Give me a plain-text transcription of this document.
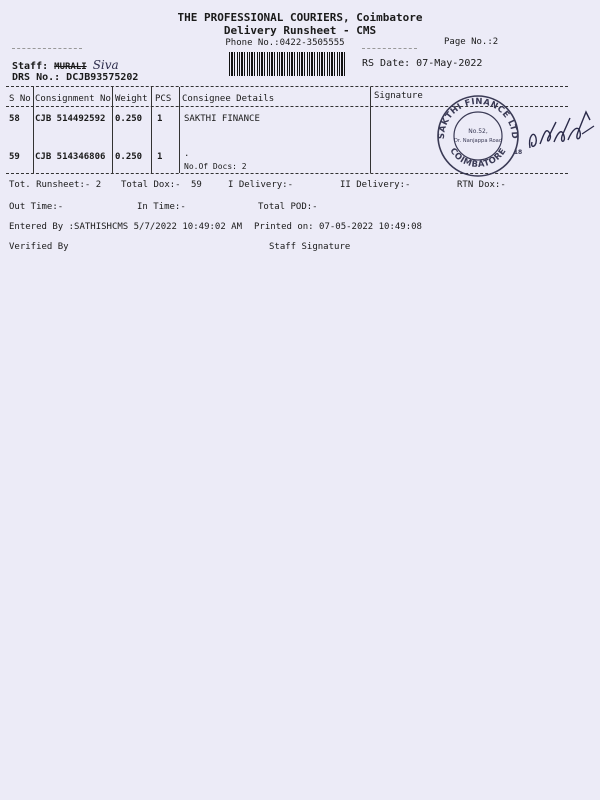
THE PROFESSIONAL COURIERS, Coimbatore
Delivery Runsheet - CMS
Phone No.:0422-3505555	Page No.:2
Staff: MURALI Siva
DRS No.: DCJB93575202
RS Date: 07-May-2022
S No Consignment No Weight PCS Consignee Details	Signature
58 CJB 514492592 0.250 1 SAKTHI FINANCE
59 CJB 514346806 0.250 1 .
No.Of Docs: 2
SAKTHI FINANCE LTD
COIMBATORE
No.52,
Dr. Nanjappa Road
18
Tot. Runsheet:- 2 Total Dox:- 59	I Delivery:-	II Delivery:-	RTN Dox:-
Out Time:-	In Time:-	Total POD:-
Entered By :SATHISHCMS 5/7/2022 10:49:02 AM Printed on: 07-05-2022 10:49:08
Verified By	Staff Signature
